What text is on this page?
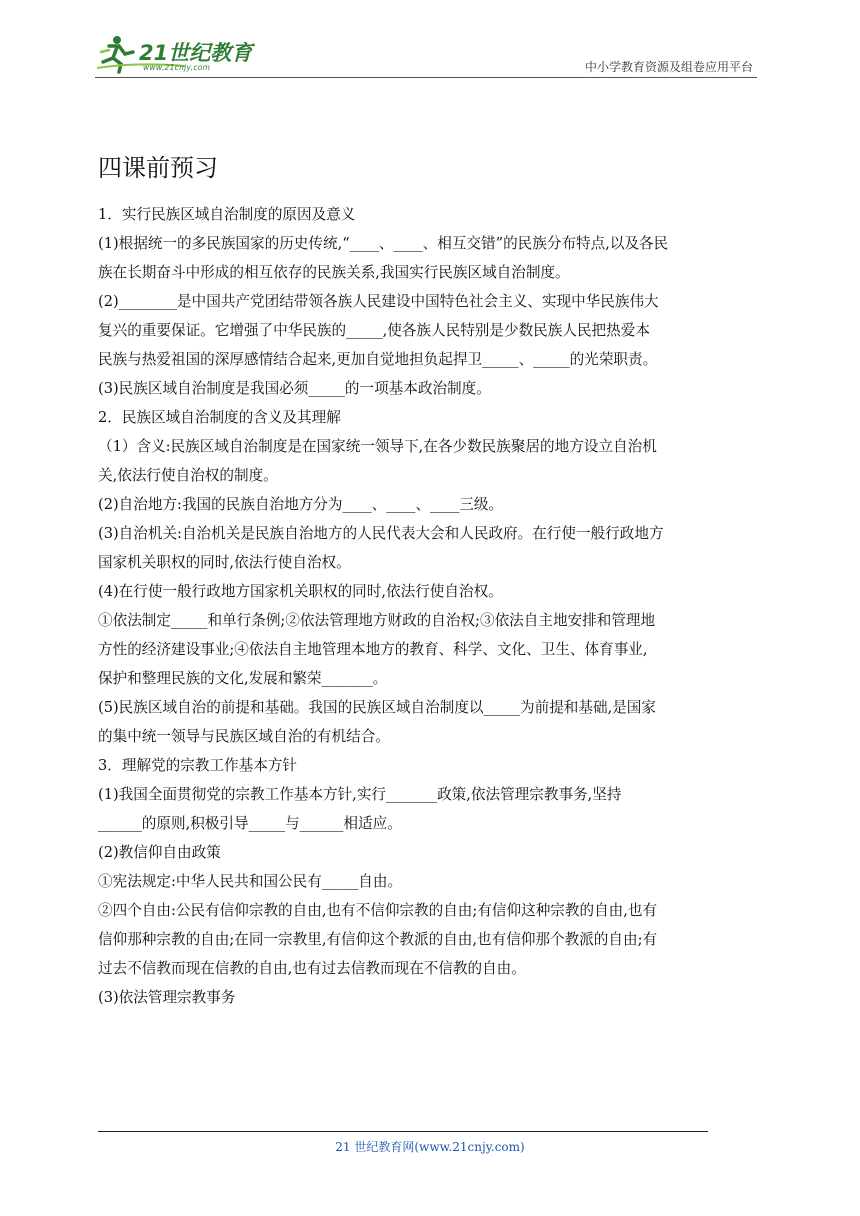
21世纪教育
www.21cnjy.com	中小学教育资源及组卷应用平台
四课前预习
1．实行民族区域自治制度的原因及意义
(1)根据统一的多民族国家的历史传统,“____、____、相互交错”的民族分布特点,以及各民
族在长期奋斗中形成的相互依存的民族关系,我国实行民族区域自治制度。
(2)________是中国共产党团结带领各族人民建设中国特色社会主义、实现中华民族伟大
复兴的重要保证。它增强了中华民族的_____,使各族人民特别是少数民族人民把热爱本
民族与热爱祖国的深厚感情结合起来,更加自觉地担负起捍卫_____、_____的光荣职责。
(3)民族区域自治制度是我国必须_____的一项基本政治制度。
2．民族区域自治制度的含义及其理解
（1）含义:民族区域自治制度是在国家统一领导下,在各少数民族聚居的地方设立自治机
关,依法行使自治权的制度。
(2)自治地方:我国的民族自治地方分为____、____、____三级。
(3)自治机关:自治机关是民族自治地方的人民代表大会和人民政府。在行使一般行政地方
国家机关职权的同时,依法行使自治权。
(4)在行使一般行政地方国家机关职权的同时,依法行使自治权。
①依法制定_____和单行条例;②依法管理地方财政的自治权;③依法自主地安排和管理地
方性的经济建设事业;④依法自主地管理本地方的教育、科学、文化、卫生、体育事业,
保护和整理民族的文化,发展和繁荣_______。
(5)民族区域自治的前提和基础。我国的民族区域自治制度以_____为前提和基础,是国家
的集中统一领导与民族区域自治的有机结合。
3．理解党的宗教工作基本方针
(1)我国全面贯彻党的宗教工作基本方针,实行_______政策,依法管理宗教事务,坚持
______的原则,积极引导_____与______相适应。
(2)教信仰自由政策
①宪法规定:中华人民共和国公民有_____自由。
②四个自由:公民有信仰宗教的自由,也有不信仰宗教的自由;有信仰这种宗教的自由,也有
信仰那种宗教的自由;在同一宗教里,有信仰这个教派的自由,也有信仰那个教派的自由;有
过去不信教而现在信教的自由,也有过去信教而现在不信教的自由。
(3)依法管理宗教事务
21 世纪教育网(www.21cnjy.com)
